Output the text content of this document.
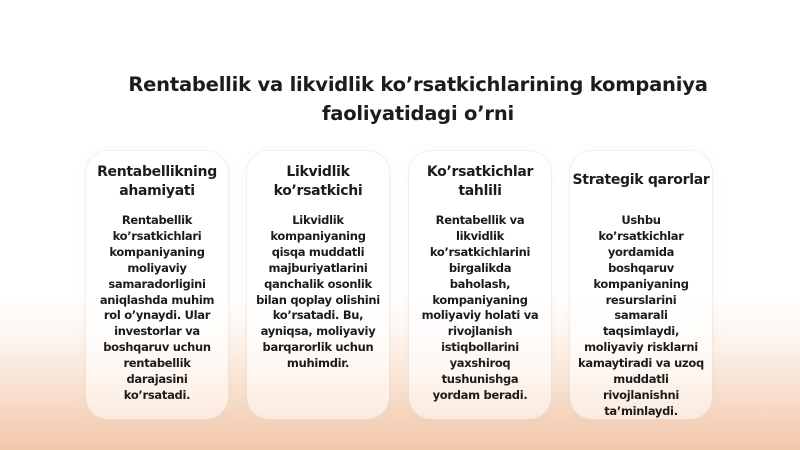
Rentabellik va likvidlik ko’rsatkichlarining kompaniya faoliyatidagi o’rni
Rentabellikning
ahamiyati
Rentabellik
ko’rsatkichlari
kompaniyaning
moliyaviy
samaradorligini
aniqlashda muhim
rol o’ynaydi. Ular
investorlar va
boshqaruv uchun
rentabellik
darajasini
ko’rsatadi.
Likvidlik
ko’rsatkichi
Likvidlik
kompaniyaning
qisqa muddatli
majburiyatlarini
qanchalik osonlik
bilan qoplay olishini
ko’rsatadi. Bu,
ayniqsa, moliyaviy
barqarorlik uchun
muhimdir.
Ko’rsatkichlar
tahlili
Rentabellik va
likvidlik
ko’rsatkichlarini
birgalikda
baholash,
kompaniyaning
moliyaviy holati va
rivojlanish
istiqbollarini
yaxshiroq
tushunishga
yordam beradi.
Strategik qarorlar
Ushbu
ko’rsatkichlar
yordamida
boshqaruv
kompaniyaning
resurslarini
samarali
taqsimlaydi,
moliyaviy risklarni
kamaytiradi va uzoq
muddatli
rivojlanishni
ta’minlaydi.
